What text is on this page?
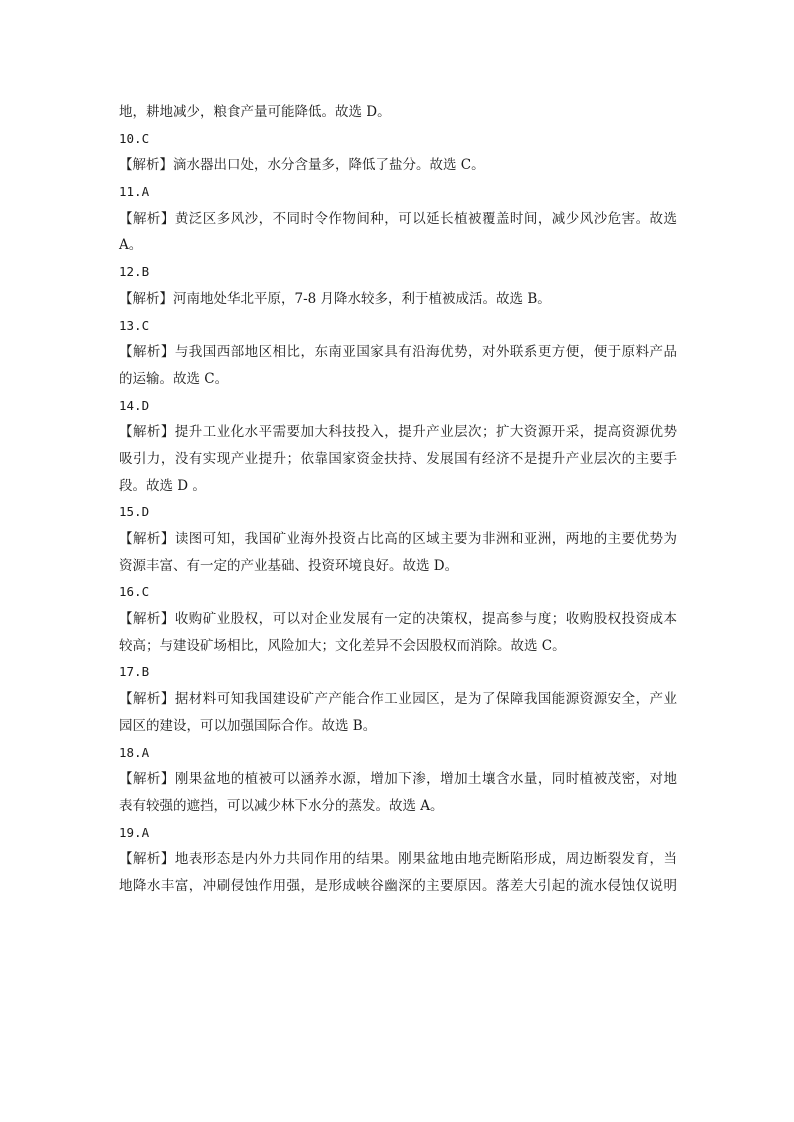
地，耕地减少，粮食产量可能降低。故选 D。
10.C
【解析】滴水器出口处，水分含量多，降低了盐分。故选 C。
11.A
【解析】黄泛区多风沙，不同时令作物间种，可以延长植被覆盖时间，减少风沙危害。故选
A。
12.B
【解析】河南地处华北平原，7-8 月降水较多，利于植被成活。故选 B。
13.C
【解析】与我国西部地区相比，东南亚国家具有沿海优势，对外联系更方便，便于原料产品
的运输。故选 C。
14.D
【解析】提升工业化水平需要加大科技投入，提升产业层次；扩大资源开采，提高资源优势
吸引力，没有实现产业提升；依靠国家资金扶持、发展国有经济不是提升产业层次的主要手
段。故选 D 。
15.D
【解析】读图可知，我国矿业海外投资占比高的区域主要为非洲和亚洲，两地的主要优势为
资源丰富、有一定的产业基础、投资环境良好。故选 D。
16.C
【解析】收购矿业股权，可以对企业发展有一定的决策权，提高参与度；收购股权投资成本
较高；与建设矿场相比，风险加大；文化差异不会因股权而消除。故选 C。
17.B
【解析】据材料可知我国建设矿产产能合作工业园区，是为了保障我国能源资源安全，产业
园区的建设，可以加强国际合作。故选 B。
18.A
【解析】刚果盆地的植被可以涵养水源，增加下渗，增加土壤含水量，同时植被茂密，对地
表有较强的遮挡，可以减少林下水分的蒸发。故选 A。
19.A
【解析】地表形态是内外力共同作用的结果。刚果盆地由地壳断陷形成，周边断裂发育，当
地降水丰富，冲刷侵蚀作用强，是形成峡谷幽深的主要原因。落差大引起的流水侵蚀仅说明
